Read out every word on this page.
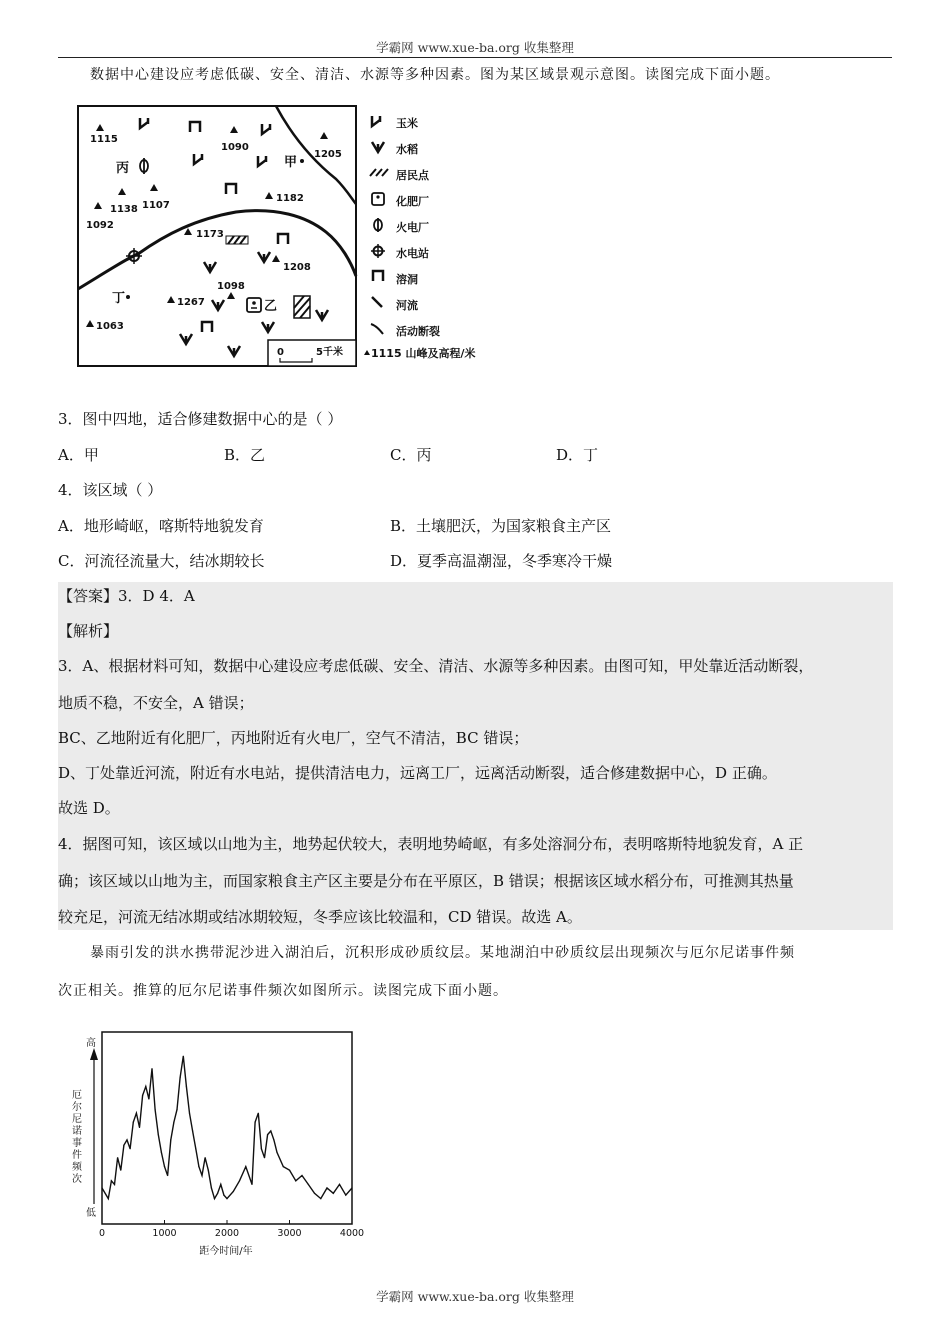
学霸网 www.xue-ba.org 收集整理
数据中心建设应考虑低碳、安全、清洁、水源等多种因素。图为某区域景观示意图。读图完成下面小题。
1115
1090
1205
1138 1107
1092
1182
1173
1208
1098
1267
1063
甲
乙
丙
丁
0	5千米
玉米
水稻
居民点
化肥厂
火电厂
水电站
溶洞
河流
活动断裂
1115 山峰及高程/米
3．图中四地，适合修建数据中心的是（ ）
A．甲	B．乙	C．丙	D．丁
4．该区域（ ）
A．地形崎岖，喀斯特地貌发育	B．土壤肥沃，为国家粮食主产区
C．河流径流量大，结冰期较长	D．夏季高温潮湿，冬季寒冷干燥
【答案】3．D 4．A
【解析】
3．A、根据材料可知，数据中心建设应考虑低碳、安全、清洁、水源等多种因素。由图可知，甲处靠近活动断裂，
地质不稳，不安全，A 错误；
BC、乙地附近有化肥厂，丙地附近有火电厂，空气不清洁，BC 错误；
D、丁处靠近河流，附近有水电站，提供清洁电力，远离工厂，远离活动断裂，适合修建数据中心，D 正确。
故选 D。
4．据图可知，该区域以山地为主，地势起伏较大，表明地势崎岖，有多处溶洞分布，表明喀斯特地貌发育，A 正
确；该区域以山地为主，而国家粮食主产区主要是分布在平原区，B 错误；根据该区域水稻分布，可推测其热量
较充足，河流无结冰期或结冰期较短，冬季应该比较温和，CD 错误。故选 A。
暴雨引发的洪水携带泥沙进入湖泊后，沉积形成砂质纹层。某地湖泊中砂质纹层出现频次与厄尔尼诺事件频
次正相关。推算的厄尔尼诺事件频次如图所示。读图完成下面小题。
高
低
厄
尔
尼
诺
事
件
频
次
0	1000	2000	3000	4000
距今时间/年
学霸网 www.xue-ba.org 收集整理
